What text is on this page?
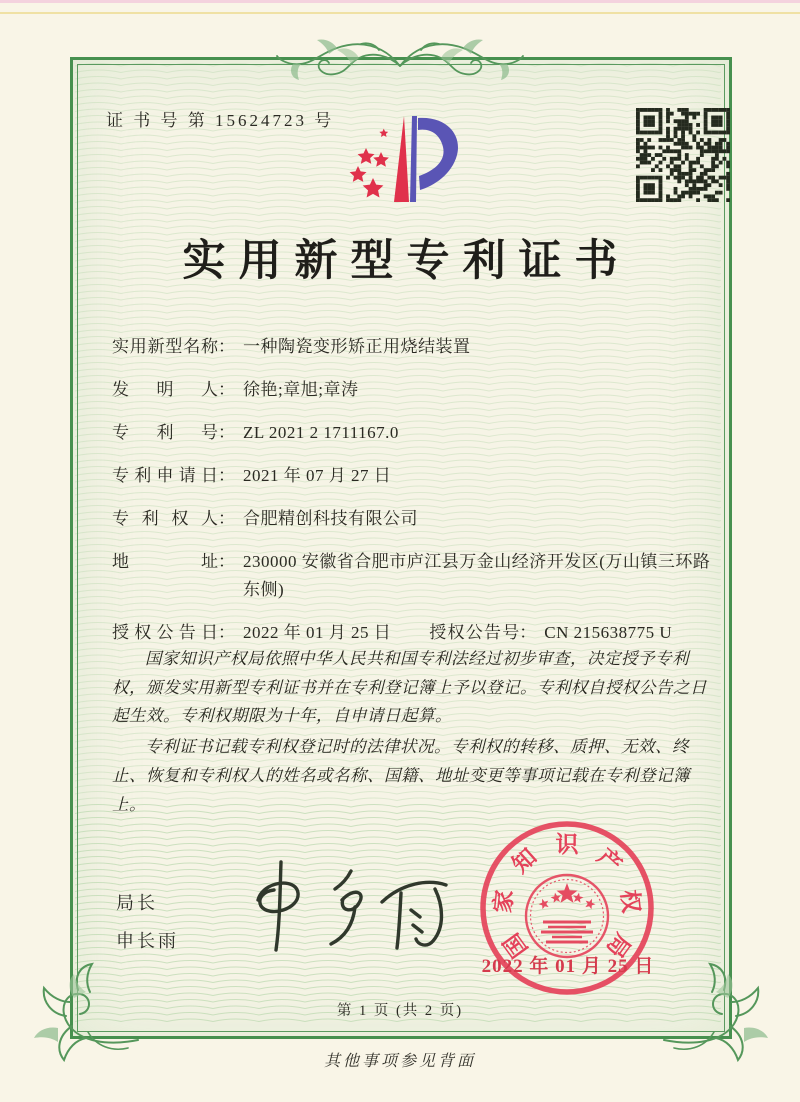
证 书 号 第 15624723 号
实用新型专利证书
实用新型名称 ： 一种陶瓷变形矫正用烧结装置
发明人 ： 徐艳;章旭;章涛
专利号 ： ZL 2021 2 1711167.0
专利申请日 ： 2021 年 07 月 27 日
专利权人 ： 合肥精创科技有限公司
地址 ： 230000 安徽省合肥市庐江县万金山经济开发区(万山镇三环路东侧)
授权公告日 ： 2022 年 01 月 25 日 授权公告号 ： CN 215638775 U

国家知识产权局依照中华人民共和国专利法经过初步审查，决定授予专利权，颁发实用新型专利证书并在专利登记簿上予以登记。专利权自授权公告之日起生效。专利权期限为十年，自申请日起算。

专利证书记载专利权登记时的法律状况。专利权的转移、质押、无效、终止、恢复和专利权人的姓名或名称、国籍、地址变更等事项记载在专利登记簿上。

局长
申长雨	国
家
知 识 产
权
局
2022 年 01 月 25 日
第 1 页 (共 2 页)
其他事项参见背面
